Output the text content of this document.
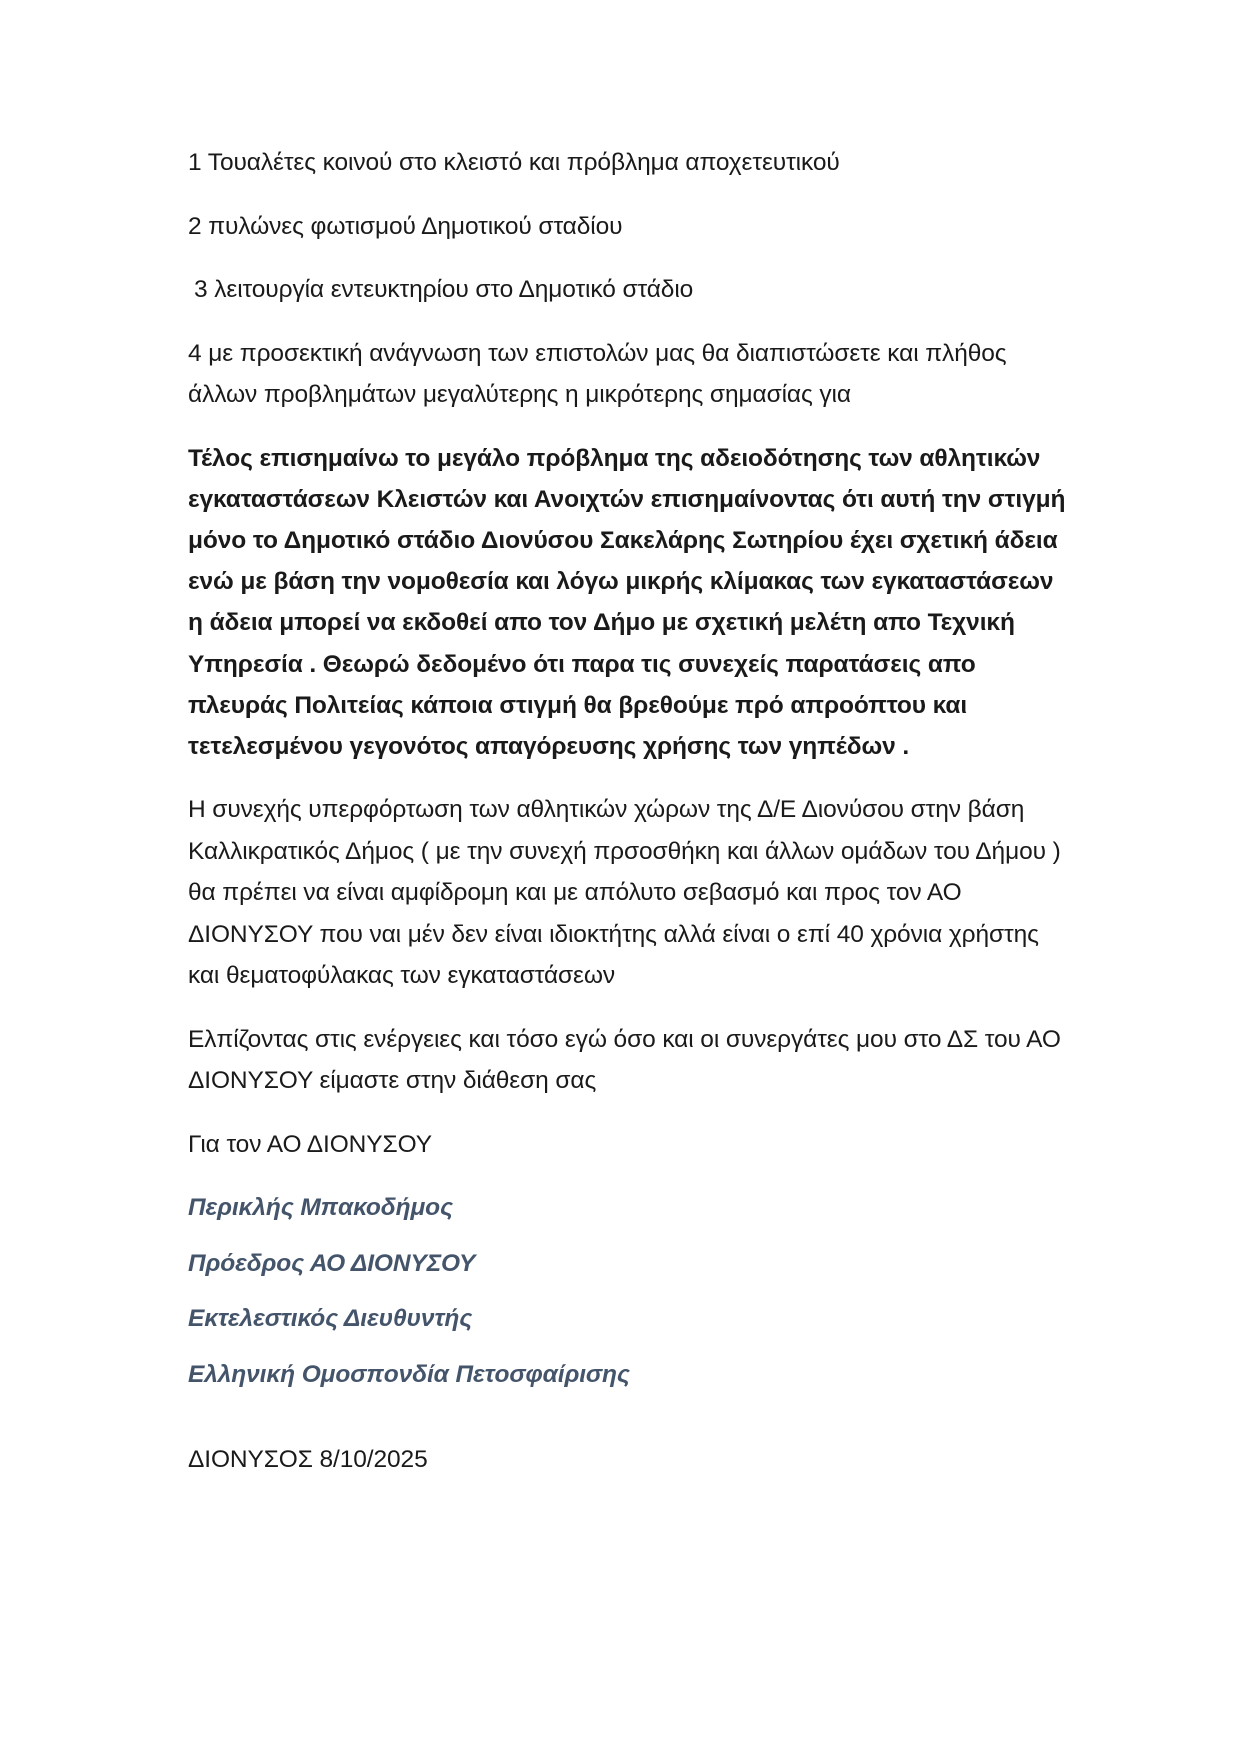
1 Τουαλέτες κοινού στο κλειστό και πρόβλημα αποχετευτικού

2 πυλώνες φωτισμού Δημοτικού σταδίου

3 λειτουργία εντευκτηρίου στο Δημοτικό στάδιο

4 με προσεκτική ανάγνωση των επιστολών μας θα διαπιστώσετε και πλήθος άλλων προβλημάτων μεγαλύτερης η μικρότερης σημασίας για

Τέλος επισημαίνω το μεγάλο πρόβλημα της αδειοδότησης των αθλητικών εγκαταστάσεων Κλειστών και Ανοιχτών επισημαίνοντας ότι αυτή την στιγμή μόνο το Δημοτικό στάδιο Διονύσου Σακελάρης Σωτηρίου έχει σχετική άδεια ενώ με βάση την νομοθεσία και λόγω μικρής κλίμακας των εγκαταστάσεων η άδεια μπορεί να εκδοθεί απο τον Δήμο με σχετική μελέτη απο Τεχνική Υπηρεσία . Θεωρώ δεδομένο ότι παρα τις συνεχείς παρατάσεις απο πλευράς Πολιτείας κάποια στιγμή θα βρεθούμε πρό απροόπτου και τετελεσμένου γεγονότος απαγόρευσης χρήσης των γηπέδων .

Η συνεχής υπερφόρτωση των αθλητικών χώρων της Δ/Ε Διονύσου στην βάση Καλλικρατικός Δήμος ( με την συνεχή πρσοσθήκη και άλλων ομάδων του Δήμου ) θα πρέπει να είναι αμφίδρομη και με απόλυτο σεβασμό και προς τον ΑΟ ΔΙΟΝΥΣΟΥ που ναι μέν δεν είναι ιδιοκτήτης αλλά είναι ο επί 40 χρόνια χρήστης και θεματοφύλακας των εγκαταστάσεων

Ελπίζοντας στις ενέργειες και τόσο εγώ όσο και οι συνεργάτες μου στο ΔΣ του ΑΟ ΔΙΟΝΥΣΟΥ είμαστε στην διάθεση σας

Για τον ΑΟ ΔΙΟΝΥΣΟΥ

Περικλής Μπακοδήμος

Πρόεδρος ΑΟ ΔΙΟΝΥΣΟΥ

Εκτελεστικός Διευθυντής

Ελληνική Ομοσπονδία Πετοσφαίρισης

ΔΙΟΝΥΣΟΣ 8/10/2025
